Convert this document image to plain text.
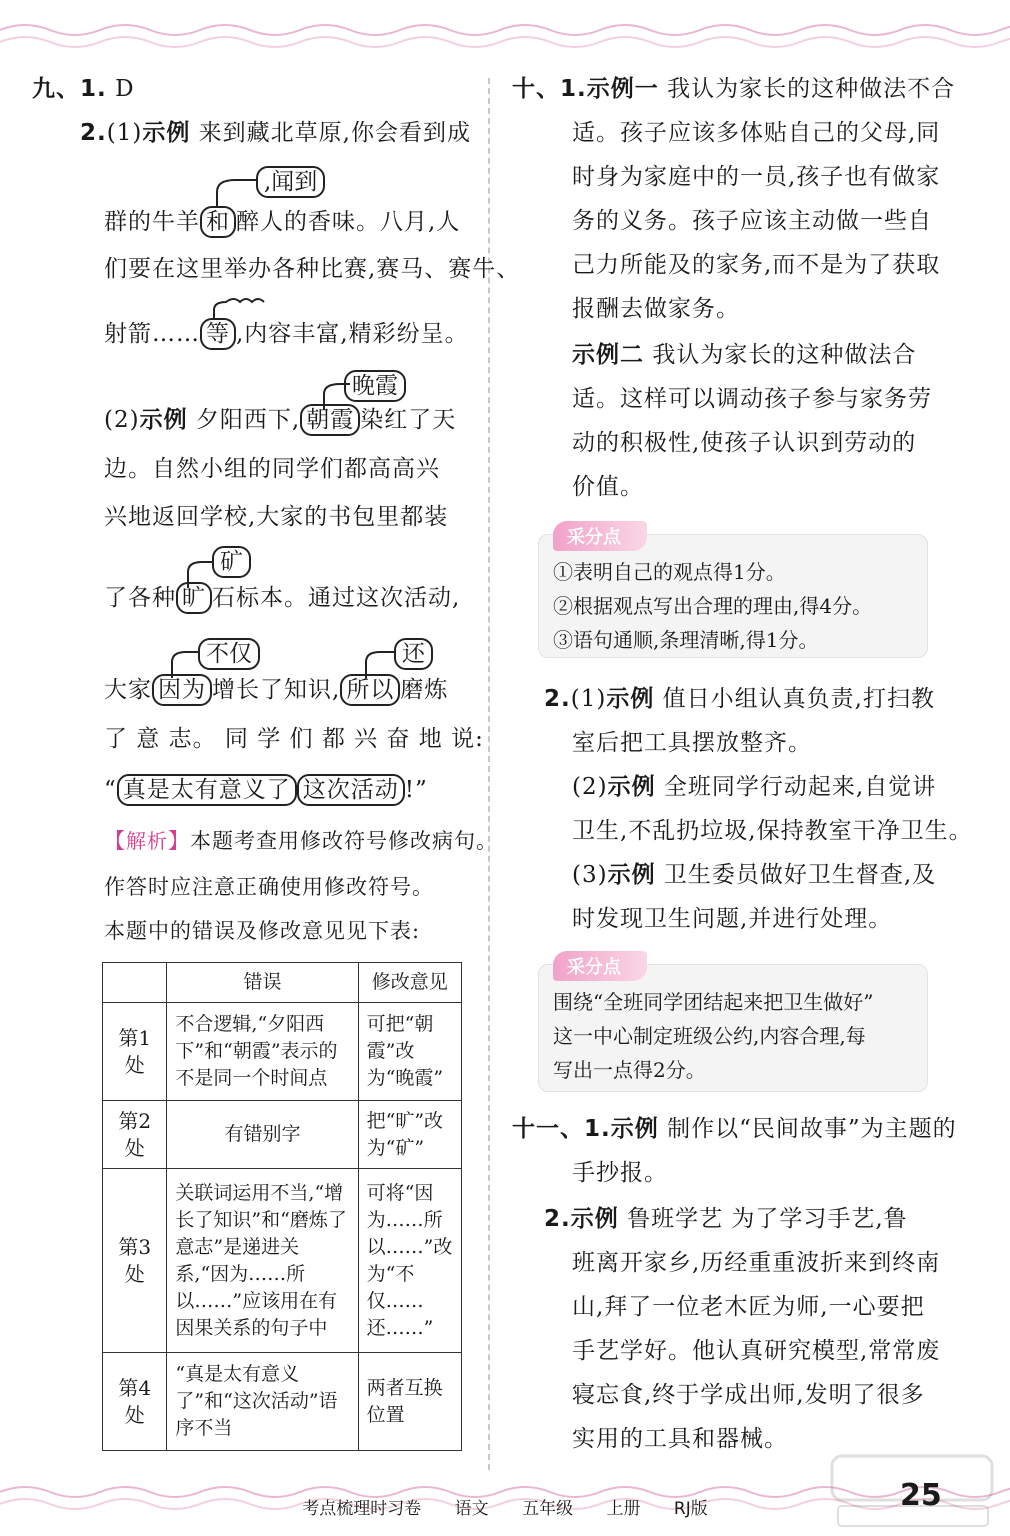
九、1. D
2.(1)示例 来到藏北草原,你会看到成
,闻到
群的牛羊 和 醉人的香味。八月,人
们要在这里举办各种比赛,赛马、赛牛、
射箭…… 等 ,内容丰富,精彩纷呈。
晚霞
(2)示例 夕阳西下, 朝霞 染红了天
边。自然小组的同学们都高高兴
兴地返回学校,大家的书包里都装
矿
了各种 旷 石标本。通过这次活动,
不仅	还
大家 因为 增长了知识, 所以 磨炼
了 意 志。 同 学 们 都 兴 奋 地 说:
“ 真是太有意义了 这次活动 !”
【解析】本题考查用修改符号修改病句。
作答时应注意正确使用修改符号。
本题中的错误及修改意见见下表:
	错误	修改意见
第1处	不合逻辑,“夕阳西下”和“朝霞”表示的不是同一个时间点	可把“朝霞”改为“晚霞”
第2处	有错别字	把“旷”改为“矿”
第3处	关联词运用不当,“增长了知识”和“磨炼了意志”是递进关系,“因为……所以……”应该用在有因果关系的句子中	可将“因为……所以……”改为“不仅……还……”
第4处	“真是太有意义了”和“这次活动”语序不当	两者互换位置
十、1.示例一 我认为家长的这种做法不合
适。孩子应该多体贴自己的父母,同
时身为家庭中的一员,孩子也有做家
务的义务。孩子应该主动做一些自
己力所能及的家务,而不是为了获取
报酬去做家务。
示例二 我认为家长的这种做法合
适。这样可以调动孩子参与家务劳
动的积极性,使孩子认识到劳动的
价值。
采分点
①表明自己的观点得1分。
②根据观点写出合理的理由,得4分。
③语句通顺,条理清晰,得1分。
2.(1)示例 值日小组认真负责,打扫教
室后把工具摆放整齐。
(2)示例 全班同学行动起来,自觉讲
卫生,不乱扔垃圾,保持教室干净卫生。
(3)示例 卫生委员做好卫生督查,及
时发现卫生问题,并进行处理。
采分点
围绕“全班同学团结起来把卫生做好”
这一中心制定班级公约,内容合理,每
写出一点得2分。
十一、1.示例 制作以“民间故事”为主题的
手抄报。
2.示例 鲁班学艺 为了学习手艺,鲁
班离开家乡,历经重重波折来到终南
山,拜了一位老木匠为师,一心要把
手艺学好。他认真研究模型,常常废
寝忘食,终于学成出师,发明了很多
实用的工具和器械。
考点梳理时习卷 语文 五年级 上册 RJ版	25
